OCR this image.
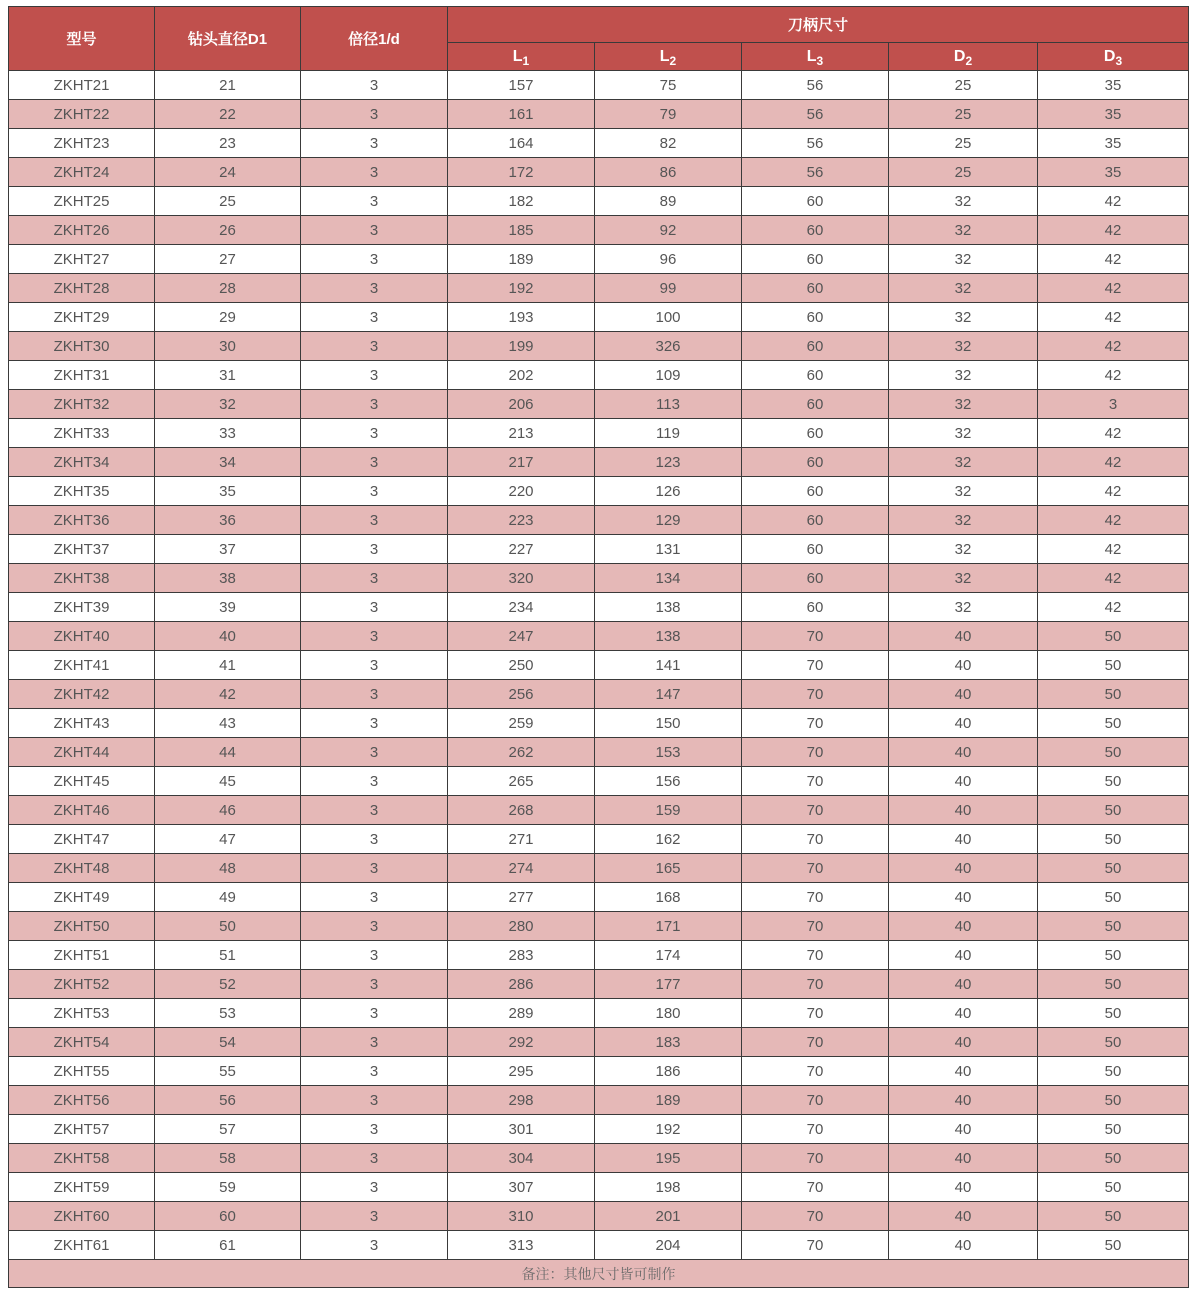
型号	钻头直径D1	倍径1/d	刀柄尺寸				
			$L_1$	$L_2$	$L_3$	$D_2$	$D_3$
ZKHT21	21	3	157	75	56	25	35
ZKHT22	22	3	161	79	56	25	35
ZKHT23	23	3	164	82	56	25	35
ZKHT24	24	3	172	86	56	25	35
ZKHT25	25	3	182	89	60	32	42
ZKHT26	26	3	185	92	60	32	42
ZKHT27	27	3	189	96	60	32	42
ZKHT28	28	3	192	99	60	32	42
ZKHT29	29	3	193	100	60	32	42
ZKHT30	30	3	199	326	60	32	42
ZKHT31	31	3	202	109	60	32	42
ZKHT32	32	3	206	113	60	32	3
ZKHT33	33	3	213	119	60	32	42
ZKHT34	34	3	217	123	60	32	42
ZKHT35	35	3	220	126	60	32	42
ZKHT36	36	3	223	129	60	32	42
ZKHT37	37	3	227	131	60	32	42
ZKHT38	38	3	320	134	60	32	42
ZKHT39	39	3	234	138	60	32	42
ZKHT40	40	3	247	138	70	40	50
ZKHT41	41	3	250	141	70	40	50
ZKHT42	42	3	256	147	70	40	50
ZKHT43	43	3	259	150	70	40	50
ZKHT44	44	3	262	153	70	40	50
ZKHT45	45	3	265	156	70	40	50
ZKHT46	46	3	268	159	70	40	50
ZKHT47	47	3	271	162	70	40	50
ZKHT48	48	3	274	165	70	40	50
ZKHT49	49	3	277	168	70	40	50
ZKHT50	50	3	280	171	70	40	50
ZKHT51	51	3	283	174	70	40	50
ZKHT52	52	3	286	177	70	40	50
ZKHT53	53	3	289	180	70	40	50
ZKHT54	54	3	292	183	70	40	50
ZKHT55	55	3	295	186	70	40	50
ZKHT56	56	3	298	189	70	40	50
ZKHT57	57	3	301	192	70	40	50
ZKHT58	58	3	304	195	70	40	50
ZKHT59	59	3	307	198	70	40	50
ZKHT60	60	3	310	201	70	40	50
ZKHT61	61	3	313	204	70	40	50
备注：其他尺寸皆可制作							
